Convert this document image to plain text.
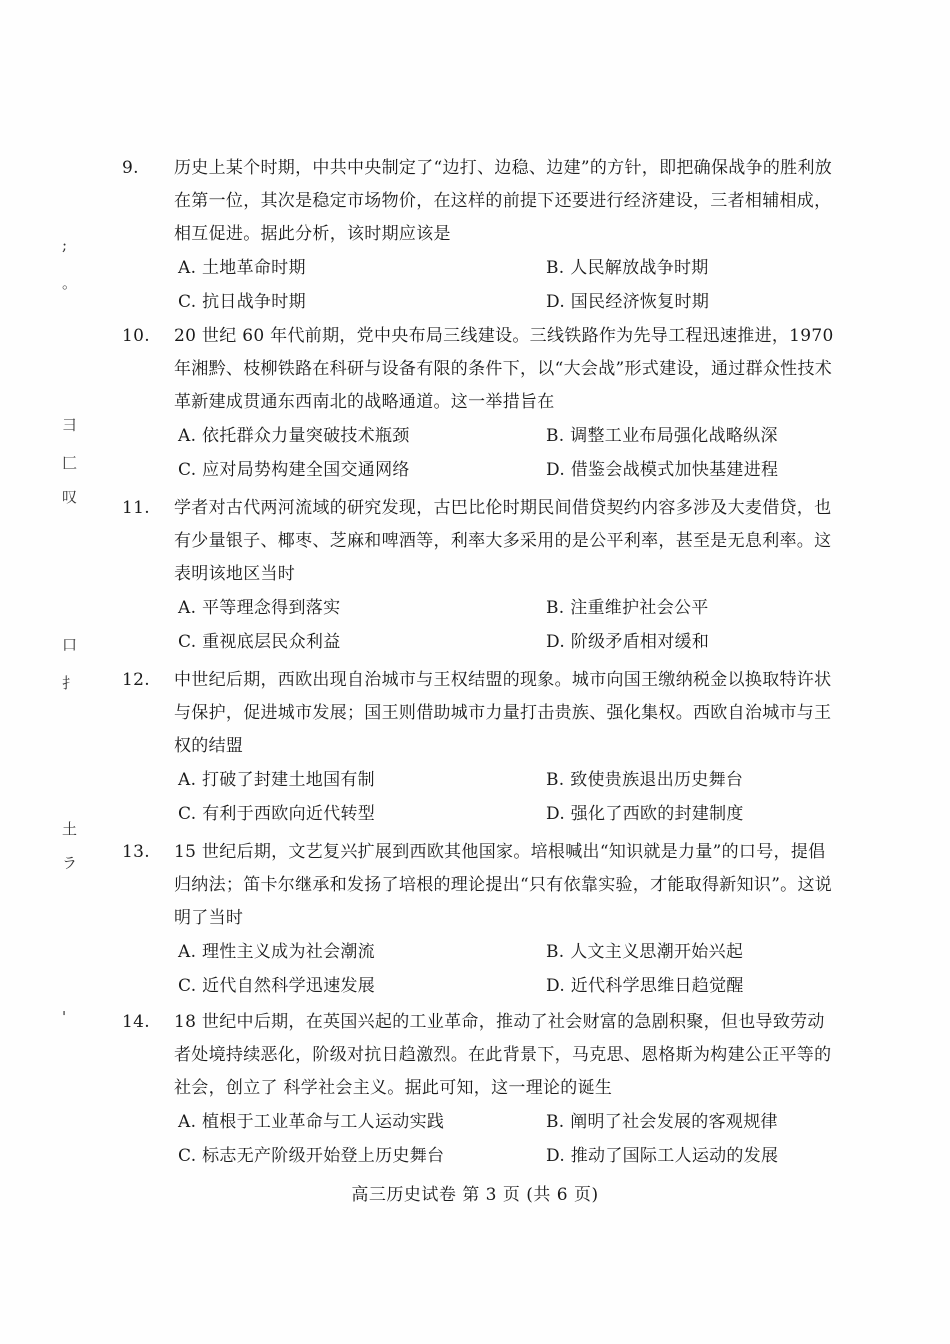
;
。
彐
匚
叹
口
扌
土
ラ
'
9. 历史上某个时期，中共中央制定了“边打、边稳、边建”的方针，即把确保战争的胜利放在第一位，其次是稳定市场物价，在这样的前提下还要进行经济建设，三者相辅相成，相互促进。据此分析，该时期应该是
A. 土地革命时期	B. 人民解放战争时期
C. 抗日战争时期	D. 国民经济恢复时期
10. 20 世纪 60 年代前期，党中央布局三线建设。三线铁路作为先导工程迅速推进，1970 年湘黔、枝柳铁路在科研与设备有限的条件下，以“大会战”形式建设，通过群众性技术革新建成贯通东西南北的战略通道。这一举措旨在
A. 依托群众力量突破技术瓶颈	B. 调整工业布局强化战略纵深
C. 应对局势构建全国交通网络	D. 借鉴会战模式加快基建进程
11. 学者对古代两河流域的研究发现，古巴比伦时期民间借贷契约内容多涉及大麦借贷，也有少量银子、椰枣、芝麻和啤酒等，利率大多采用的是公平利率，甚至是无息利率。这表明该地区当时
A. 平等理念得到落实	B. 注重维护社会公平
C. 重视底层民众利益	D. 阶级矛盾相对缓和
12. 中世纪后期，西欧出现自治城市与王权结盟的现象。城市向国王缴纳税金以换取特许状与保护，促进城市发展；国王则借助城市力量打击贵族、强化集权。西欧自治城市与王权的结盟
A. 打破了封建土地国有制	B. 致使贵族退出历史舞台
C. 有利于西欧向近代转型	D. 强化了西欧的封建制度
13. 15 世纪后期，文艺复兴扩展到西欧其他国家。培根喊出“知识就是力量”的口号，提倡归纳法；笛卡尔继承和发扬了培根的理论提出“只有依靠实验，才能取得新知识”。这说明了当时
A. 理性主义成为社会潮流	B. 人文主义思潮开始兴起
C. 近代自然科学迅速发展	D. 近代科学思维日趋觉醒
14. 18 世纪中后期，在英国兴起的工业革命，推动了社会财富的急剧积聚，但也导致劳动者处境持续恶化，阶级对抗日趋激烈。在此背景下，马克思、恩格斯为构建公正平等的社会，创立了 科学社会主义。据此可知，这一理论的诞生
A. 植根于工业革命与工人运动实践	B. 阐明了社会发展的客观规律
C. 标志无产阶级开始登上历史舞台	D. 推动了国际工人运动的发展
高三历史试卷 第 3 页 (共 6 页)
